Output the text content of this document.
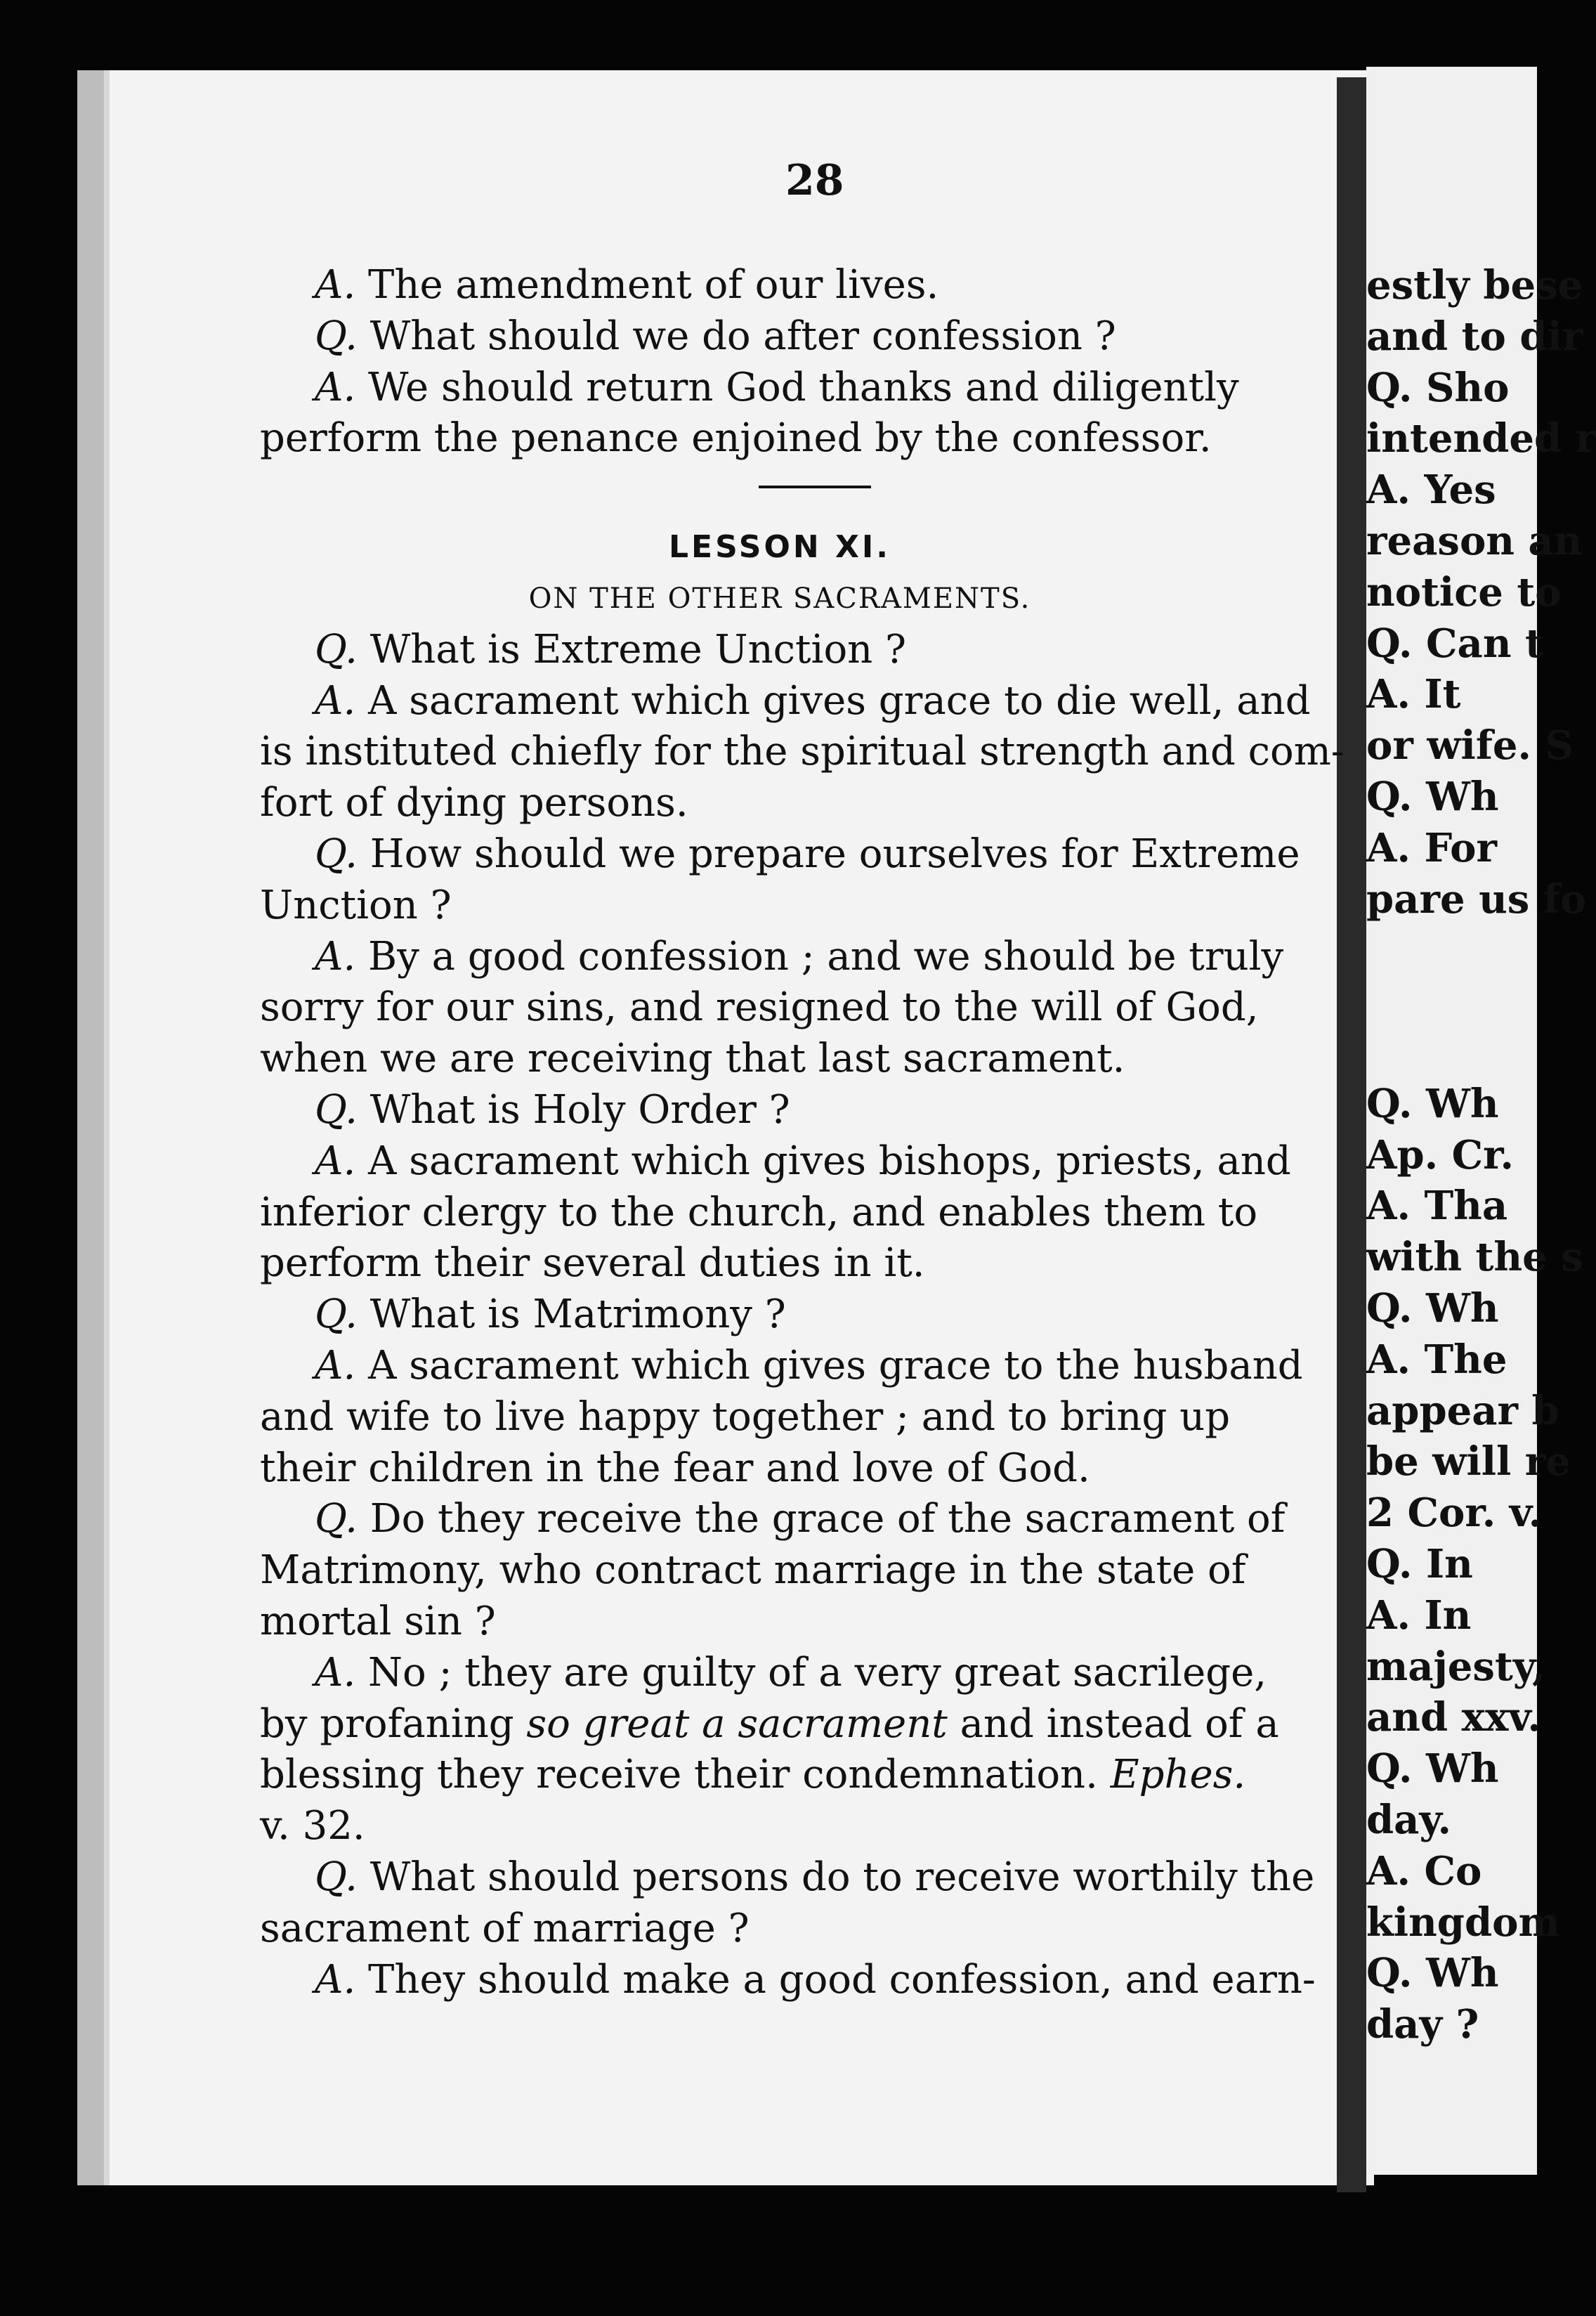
estly bese
and to dir
Q. Sho
intended r
A. Yes
reason an
notice to
Q. Can t
A. It
or wife. S
Q. Wh
A. For
pare us fo
Q. Wh
Ap. Cr.
A. Tha
with the s
Q. Wh
A. The
appear b
be will re
2 Cor. v.
Q. In
A. In
majesty,
and xxv.
Q. Wh
day.
A. Co
kingdom
Q. Wh
day ?
28
A. The amendment of our lives.
Q. What should we do after confession ?
A. We should return God thanks and diligently
perform the penance enjoined by the confessor.
LESSON XI.
ON THE OTHER SACRAMENTS.
Q. What is Extreme Unction ?
A. A sacrament which gives grace to die well, and
is instituted chiefly for the spiritual strength and com-
fort of dying persons.
Q. How should we prepare ourselves for Extreme
Unction ?
A. By a good confession ; and we should be truly
sorry for our sins, and resigned to the will of God,
when we are receiving that last sacrament.
Q. What is Holy Order ?
A. A sacrament which gives bishops, priests, and
inferior clergy to the church, and enables them to
perform their several duties in it.
Q. What is Matrimony ?
A. A sacrament which gives grace to the husband
and wife to live happy together ; and to bring up
their children in the fear and love of God.
Q. Do they receive the grace of the sacrament of
Matrimony, who contract marriage in the state of
mortal sin ?
A. No ; they are guilty of a very great sacrilege,
by profaning so great a sacrament and instead of a
blessing they receive their condemnation. Ephes.
v. 32.
Q. What should persons do to receive worthily the
sacrament of marriage ?
A. They should make a good confession, and earn-
